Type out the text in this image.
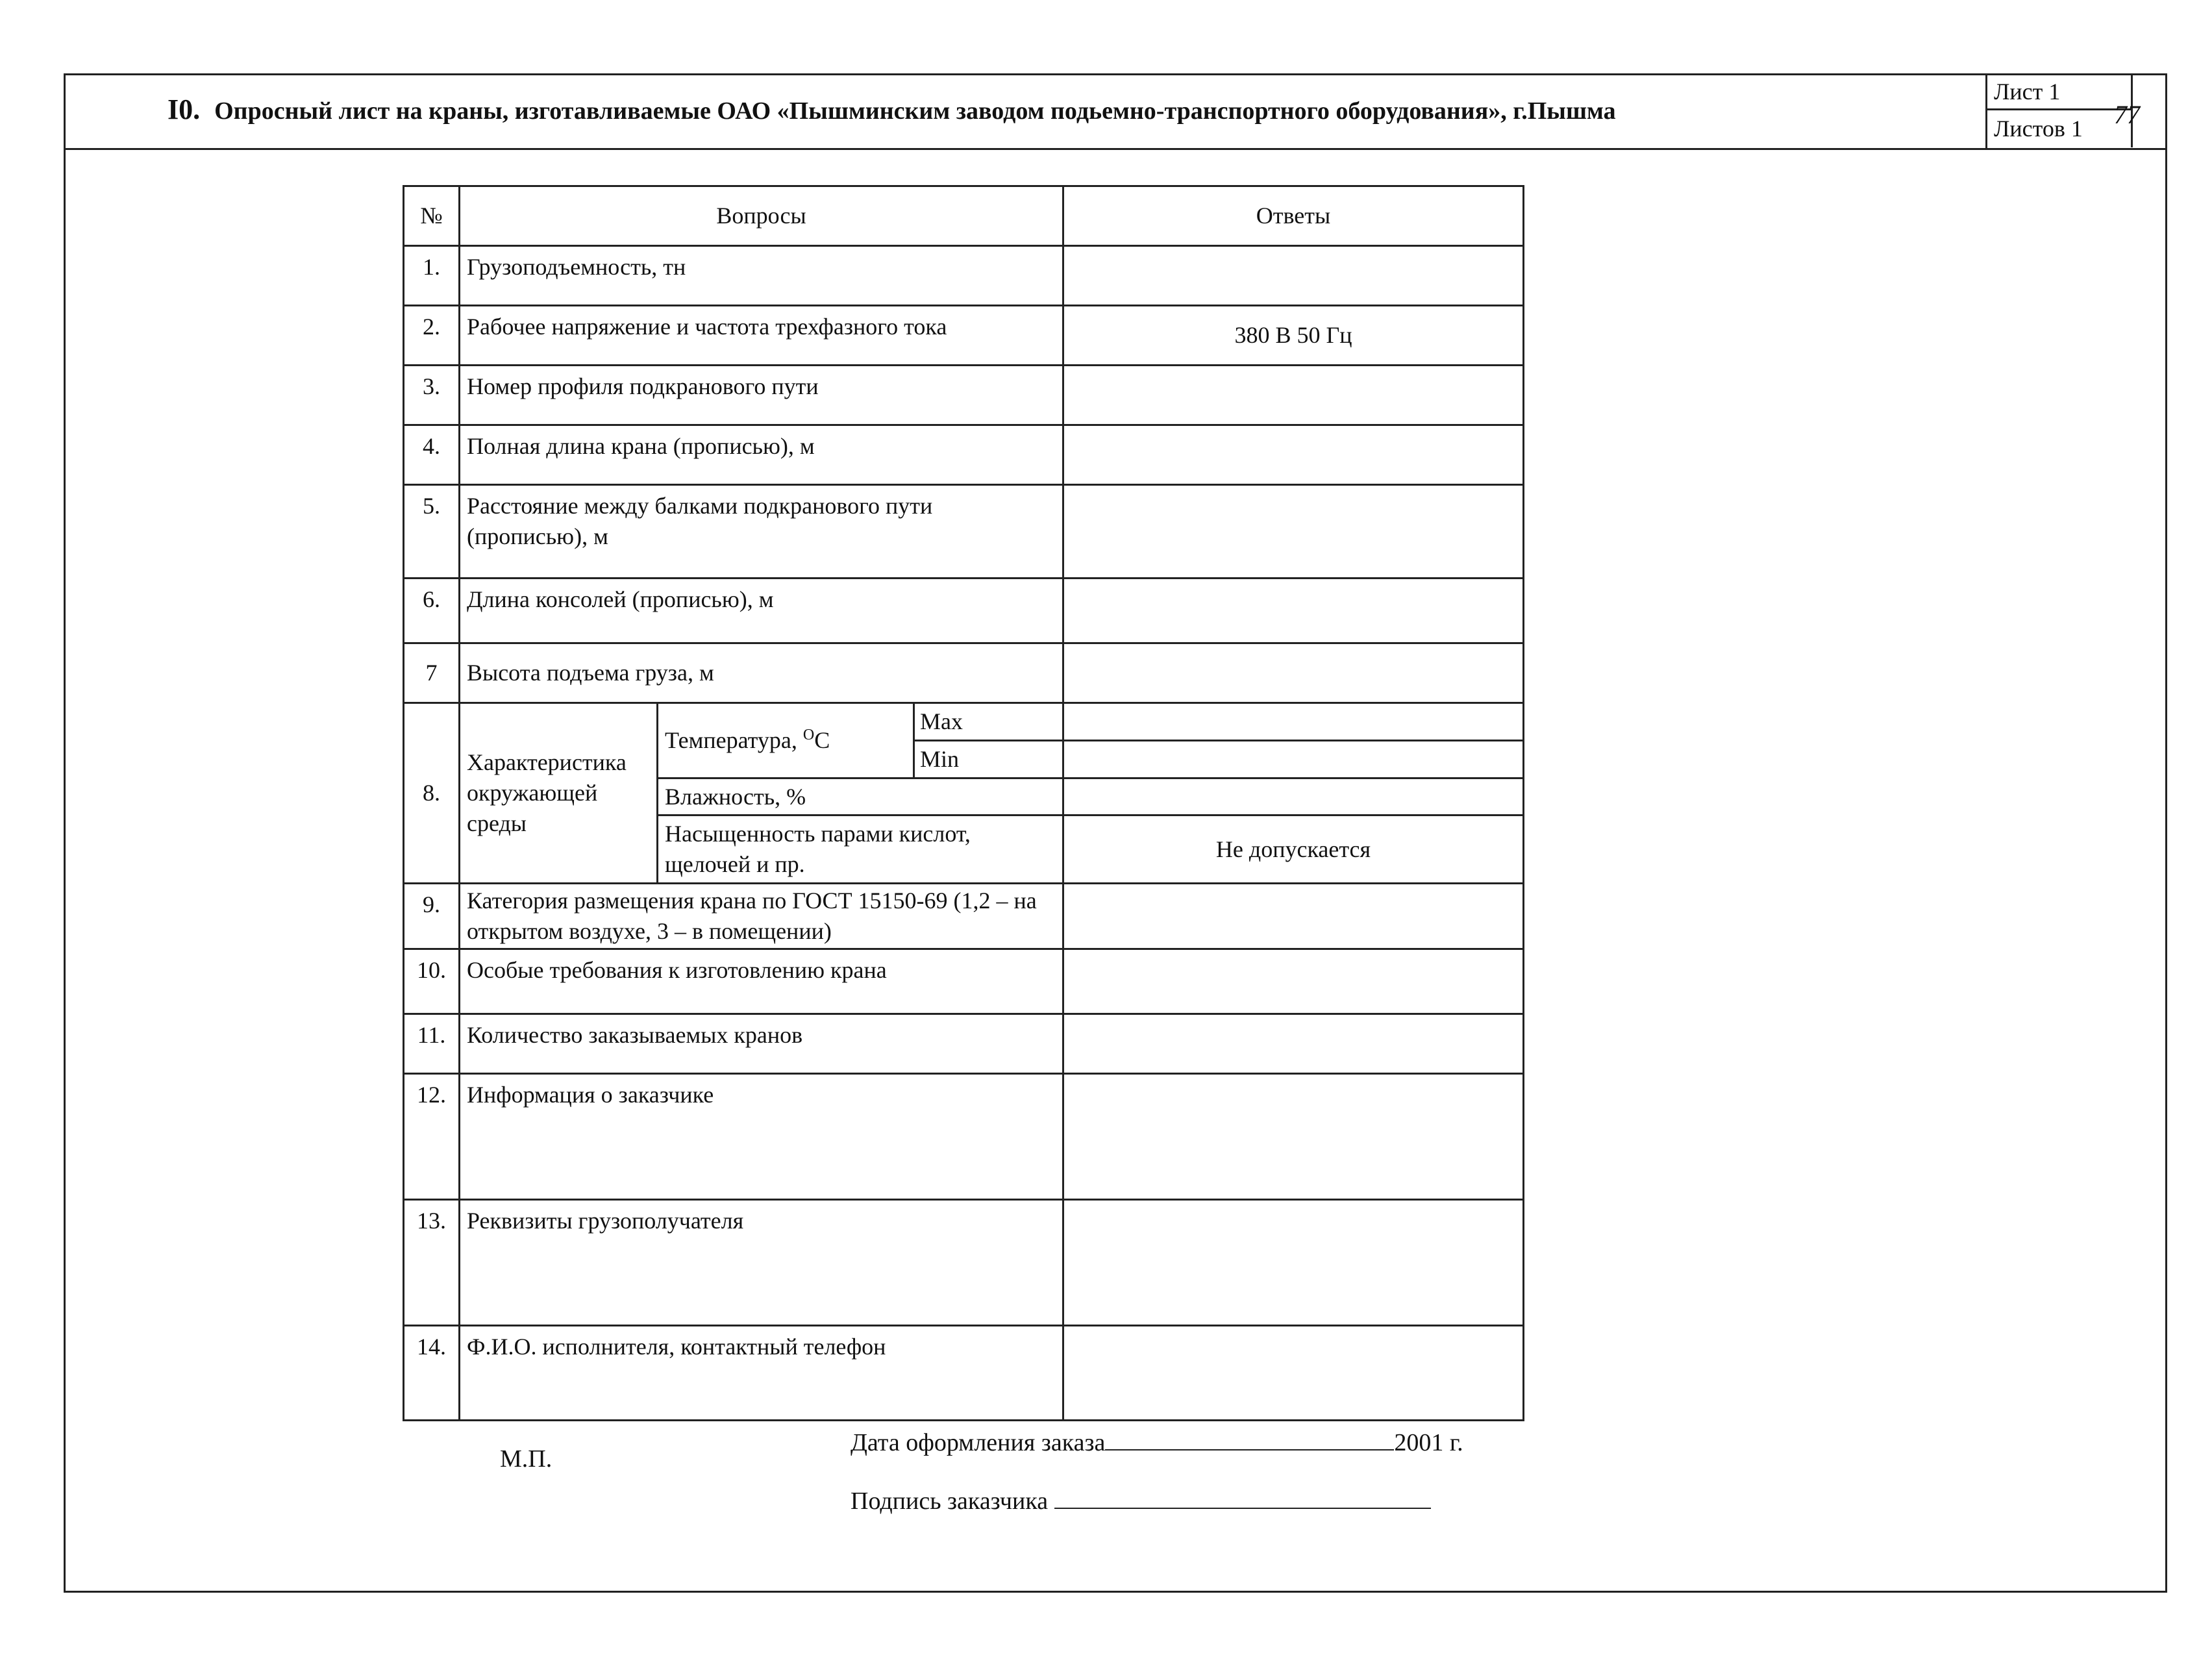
I0. Опросный лист на краны, изготавливаемые ОАО «Пышминским заводом подьемно-транспортного оборудования», г.Пышма
Лист 1
Листов 1	77
№	Вопросы			Ответы
1.	Грузоподъемность, тн			
2.	Рабочее напряжение и частота трехфазного тока			380 В 50 Гц
3.	Номер профиля подкранового пути			
4.	Полная длина крана (прописью), м			
5.	Расстояние между балками подкранового пути (прописью), м			
6.	Длина консолей (прописью), м			
7	Высота подъема груза, м			
8.	Характеристика окружающей среды	Температура, $^О$С	Max	
			Min	
		Влажность, %		
		Насыщенность парами кислот, щелочей и пр.		Не допускается
9.	Категория размещения крана по ГОСТ 15150-69 (1,2 – на открытом воздухе, 3 – в помещении)			
10.	Особые требования к изготовлению крана			
11.	Количество заказываемых кранов			
12.	Информация о заказчике			
13.	Реквизиты грузополучателя			
14.	Ф.И.О. исполнителя, контактный телефон			
М.П.
Дата оформления заказа	2001 г.
Подпись заказчика
